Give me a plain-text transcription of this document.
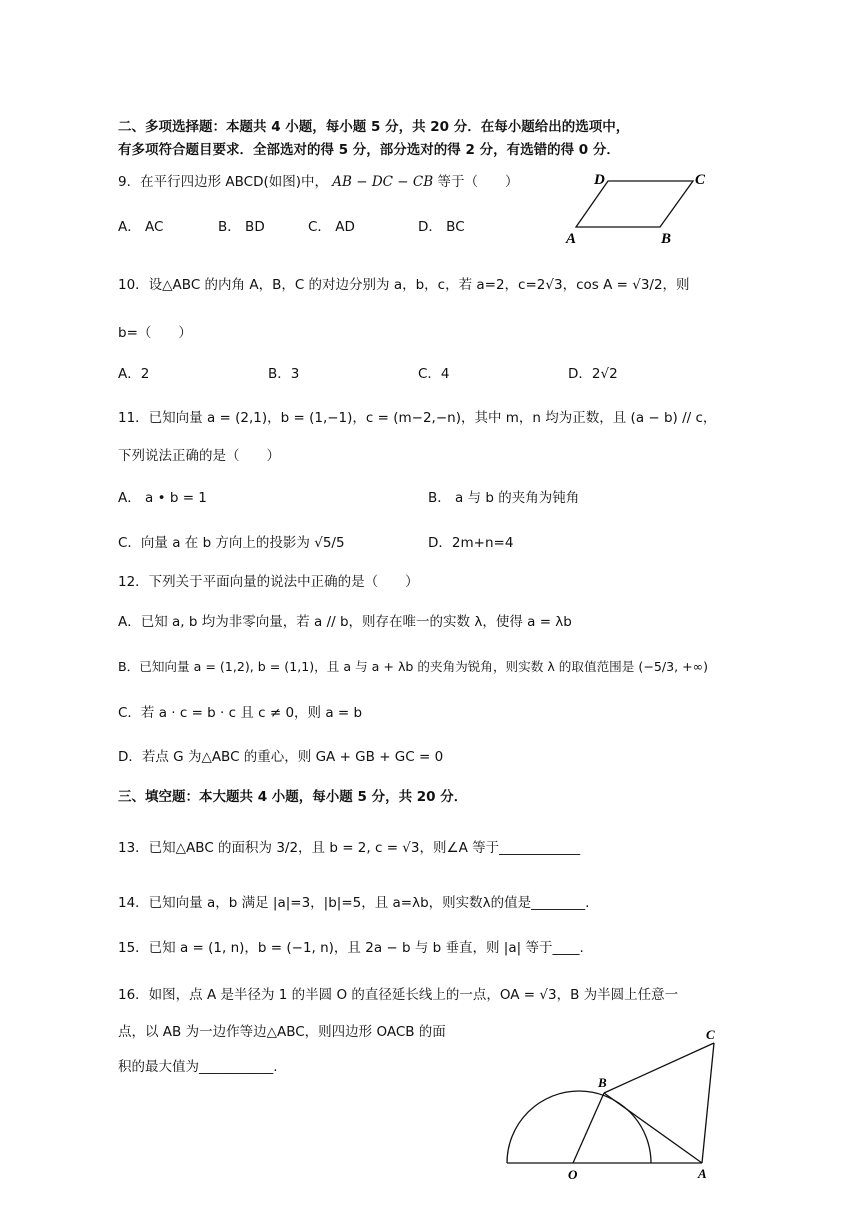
二、多项选择题：本题共 4 小题，每小题 5 分，共 20 分．在每小题给出的选项中，
有多项符合题目要求．全部选对的得 5 分，部分选对的得 2 分，有选错的得 0 分．
9．在平行四边形 ABCD(如图)中， AB − DC − CB 等于（　　）
A． AC	B． BD	C． AD	D． BC
D	C
A	B
10．设△ABC 的内角 A，B，C 的对边分别为 a，b，c，若 a=2，c=2√3，cos A = √3/2，则
b=（　　）
A．2	B．3	C．4	D．2√2
11．已知向量 a = (2,1)，b = (1,−1)，c = (m−2,−n)，其中 m，n 均为正数，且 (a − b) // c，
下列说法正确的是（　　）
A． a • b = 1	B． a 与 b 的夹角为钝角
C．向量 a 在 b 方向上的投影为 √5/5	D．2m+n=4
12．下列关于平面向量的说法中正确的是（　　）
A．已知 a, b 均为非零向量，若 a // b，则存在唯一的实数 λ，使得 a = λb
B．已知向量 a = (1,2), b = (1,1)，且 a 与 a + λb 的夹角为锐角，则实数 λ 的取值范围是 (−5/3, +∞)
C．若 a · c = b · c 且 c ≠ 0，则 a = b
D．若点 G 为△ABC 的重心，则 GA + GB + GC = 0
三、填空题：本大题共 4 小题，每小题 5 分，共 20 分．
13．已知△ABC 的面积为 3/2，且 b = 2, c = √3，则∠A 等于____________
14．已知向量 a，b 满足 |a|=3，|b|=5，且 a=λb，则实数λ的值是________.
15．已知 a = (1, n)，b = (−1, n)，且 2a − b 与 b 垂直，则 |a| 等于____.
16．如图，点 A 是半径为 1 的半圆 O 的直径延长线上的一点，OA = √3，B 为半圆上任意一
点，以 AB 为一边作等边△ABC，则四边形 OACB 的面
积的最大值为___________.
C
B
O	A
